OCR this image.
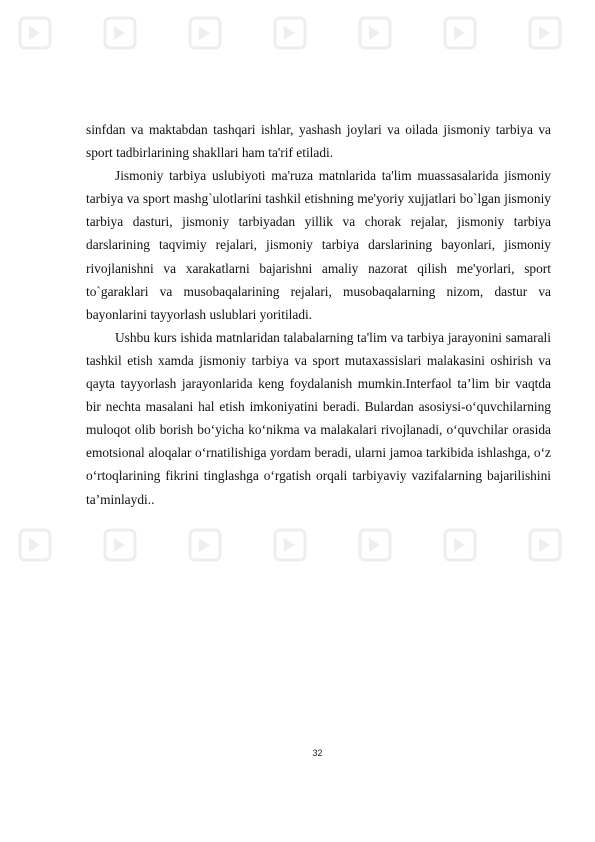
sinfdan va maktabdan tashqari ishlar, yashash joylari va oilada jismoniy tarbiya va sport tadbirlarining shakllari ham ta'rif etiladi.

Jismoniy tarbiya uslubiyoti ma'ruza matnlarida ta'lim muassasalarida jismoniy tarbiya va sport mashg`ulotlarini tashkil etishning me'yoriy xujjatlari bo`lgan jismoniy tarbiya dasturi, jismoniy tarbiyadan yillik va chorak rejalar, jismoniy tarbiya darslarining taqvimiy rejalari, jismoniy tarbiya darslarining bayonlari, jismoniy rivojlanishni va xarakatlarni bajarishni amaliy nazorat qilish me'yorlari, sport to`garaklari va musobaqalarining rejalari, musobaqalarning nizom, dastur va bayonlarini tayyorlash uslublari yoritiladi.

Ushbu kurs ishida matnlaridan talabalarning ta'lim va tarbiya jarayonini samarali tashkil etish xamda jismoniy tarbiya va sport mutaxassislari malakasini oshirish va qayta tayyorlash jarayonlarida keng foydalanish mumkin.Interfaol ta’lim bir vaqtda bir nechta masalani hal etish imkoniyatini beradi. Bulardan asosiysi-o‘quvchilarning muloqot olib borish bo‘yicha ko‘nikma va malakalari rivojlanadi, o‘quvchilar orasida emotsional aloqalar o‘rnatilishiga yordam beradi, ularni jamoa tarkibida ishlashga, o‘z o‘rtoqlarining fikrini tinglashga o‘rgatish orqali tarbiyaviy vazifalarning bajarilishini ta’minlaydi..

32
